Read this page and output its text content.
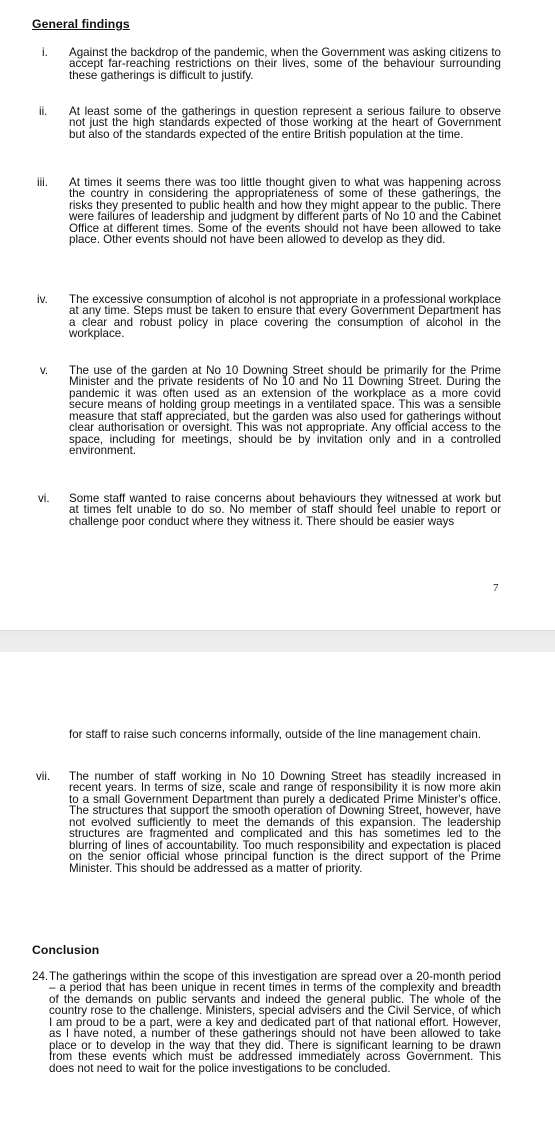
General findings
i. Against the backdrop of the pandemic, when the Government was asking citizens to accept far-reaching restrictions on their lives, some of the behaviour surrounding these gatherings is difficult to justify.
ii. At least some of the gatherings in question represent a serious failure to observe not just the high standards expected of those working at the heart of Government but also of the standards expected of the entire British population at the time.
iii. At times it seems there was too little thought given to what was happening across the country in considering the appropriateness of some of these gatherings, the risks they presented to public health and how they might appear to the public. There were failures of leadership and judgment by different parts of No 10 and the Cabinet Office at different times. Some of the events should not have been allowed to take place. Other events should not have been allowed to develop as they did.
iv. The excessive consumption of alcohol is not appropriate in a professional workplace at any time. Steps must be taken to ensure that every Government Department has a clear and robust policy in place covering the consumption of alcohol in the workplace.
v. The use of the garden at No 10 Downing Street should be primarily for the Prime Minister and the private residents of No 10 and No 11 Downing Street. During the pandemic it was often used as an extension of the workplace as a more covid secure means of holding group meetings in a ventilated space. This was a sensible measure that staff appreciated, but the garden was also used for gatherings without clear authorisation or oversight. This was not appropriate. Any official access to the space, including for meetings, should be by invitation only and in a controlled environment.
vi. Some staff wanted to raise concerns about behaviours they witnessed at work but at times felt unable to do so. No member of staff should feel unable to report or challenge poor conduct where they witness it. There should be easier ways
7
for staff to raise such concerns informally, outside of the line management chain.
vii. The number of staff working in No 10 Downing Street has steadily increased in recent years. In terms of size, scale and range of responsibility it is now more akin to a small Government Department than purely a dedicated Prime Minister's office. The structures that support the smooth operation of Downing Street, however, have not evolved sufficiently to meet the demands of this expansion. The leadership structures are fragmented and complicated and this has sometimes led to the blurring of lines of accountability. Too much responsibility and expectation is placed on the senior official whose principal function is the direct support of the Prime Minister. This should be addressed as a matter of priority.
Conclusion
24. The gatherings within the scope of this investigation are spread over a 20-month period – a period that has been unique in recent times in terms of the complexity and breadth of the demands on public servants and indeed the general public. The whole of the country rose to the challenge. Ministers, special advisers and the Civil Service, of which I am proud to be a part, were a key and dedicated part of that national effort. However, as I have noted, a number of these gatherings should not have been allowed to take place or to develop in the way that they did. There is significant learning to be drawn from these events which must be addressed immediately across Government. This does not need to wait for the police investigations to be concluded.
